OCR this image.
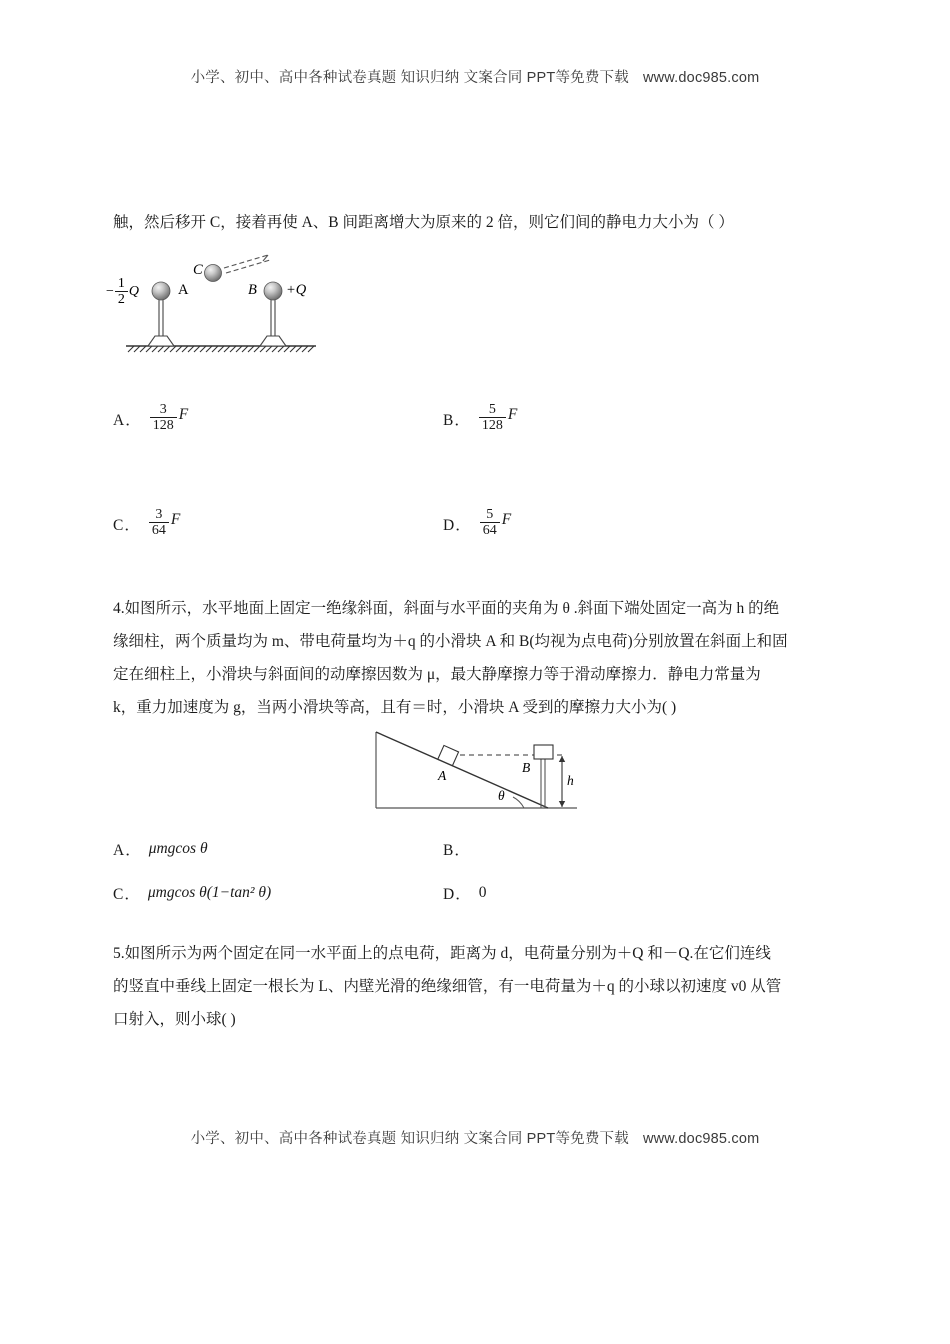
小学、初中、高中各种试卷真题 知识归纳 文案合同 PPT等免费下载 www.doc985.com
触，然后移开 C，接着再使 A、B 间距离增大为原来的 2 倍，则它们间的静电力大小为（ ）
− $\frac{1}{2}$ Q	A	B +Q
C
A． $\frac{3}{128}$ F	B． $\frac{5}{128}$ F
C． $\frac{3}{64}$ F	D． $\frac{5}{64}$ F
4.如图所示，水平地面上固定一绝缘斜面，斜面与水平面的夹角为 θ .斜面下端处固定一高为 h 的绝
缘细柱，两个质量均为 m、带电荷量均为＋q 的小滑块 A 和 B(均视为点电荷)分别放置在斜面上和固
定在细柱上，小滑块与斜面间的动摩擦因数为 μ，最大静摩擦力等于滑动摩擦力．静电力常量为
k，重力加速度为 g，当两小滑块等高，且有＝时，小滑块 A 受到的摩擦力大小为( )
A
B
h
θ
A． μmgcos θ	B．
C． μmgcos θ(1−tan² θ)	D． 0
5.如图所示为两个固定在同一水平面上的点电荷，距离为 d，电荷量分别为＋Q 和－Q.在它们连线
的竖直中垂线上固定一根长为 L、内壁光滑的绝缘细管，有一电荷量为＋q 的小球以初速度 v0 从管
口射入，则小球( )
小学、初中、高中各种试卷真题 知识归纳 文案合同 PPT等免费下载 www.doc985.com
